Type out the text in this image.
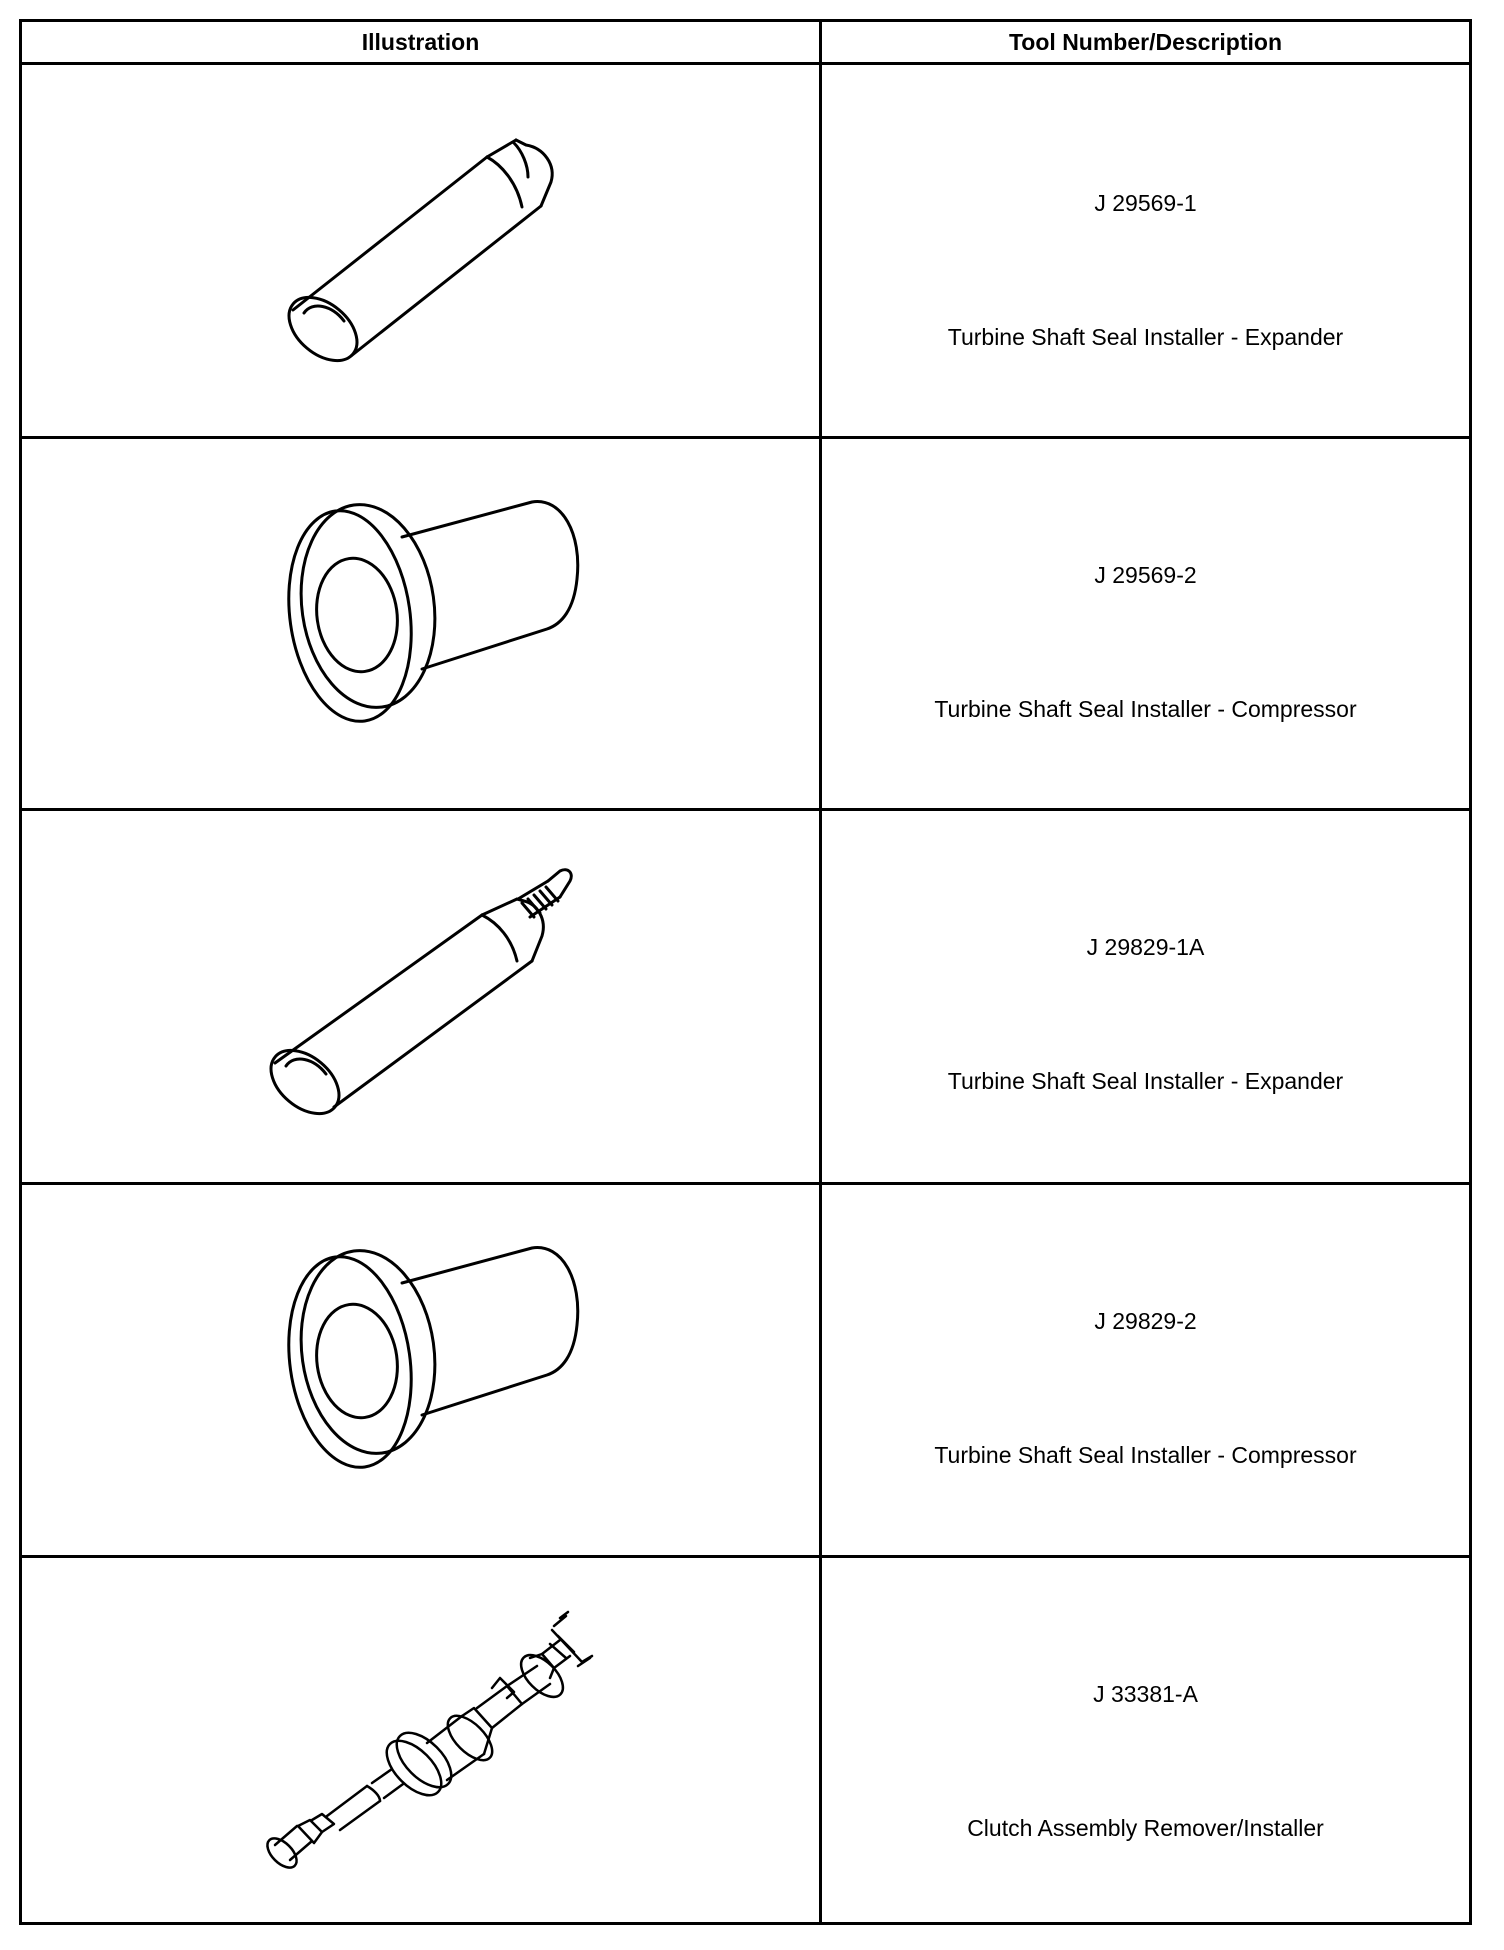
Illustration	Tool Number/Description
J 29569-1
Turbine Shaft Seal Installer - Expander
J 29569-2
Turbine Shaft Seal Installer - Compressor
J 29829-1A
Turbine Shaft Seal Installer - Expander
J 29829-2
Turbine Shaft Seal Installer - Compressor
J 33381-A
Clutch Assembly Remover/Installer
